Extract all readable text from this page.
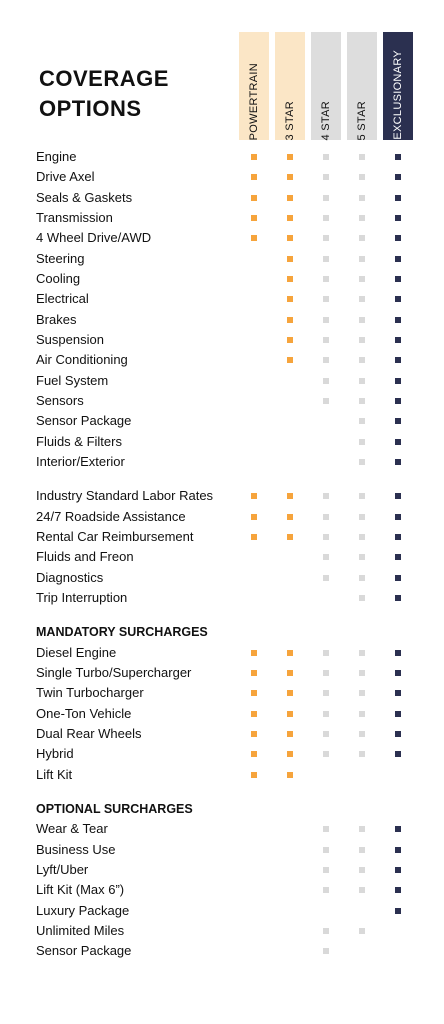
COVERAGE
OPTIONS	POWERTRAIN 3 STAR 4 STAR 5 STAR EXCLUSIONARY
Engine
Drive Axel
Seals & Gaskets
Transmission
4 Wheel Drive/AWD
Steering
Cooling
Electrical
Brakes
Suspension
Air Conditioning
Fuel System
Sensors
Sensor Package
Fluids & Filters
Interior/Exterior
Industry Standard Labor Rates
24/7 Roadside Assistance
Rental Car Reimbursement
Fluids and Freon
Diagnostics
Trip Interruption
MANDATORY SURCHARGES
Diesel Engine
Single Turbo/Supercharger
Twin Turbocharger
One-Ton Vehicle
Dual Rear Wheels
Hybrid
Lift Kit
OPTIONAL SURCHARGES
Wear & Tear
Business Use
Lyft/Uber
Lift Kit (Max 6”)
Luxury Package
Unlimited Miles
Sensor Package
